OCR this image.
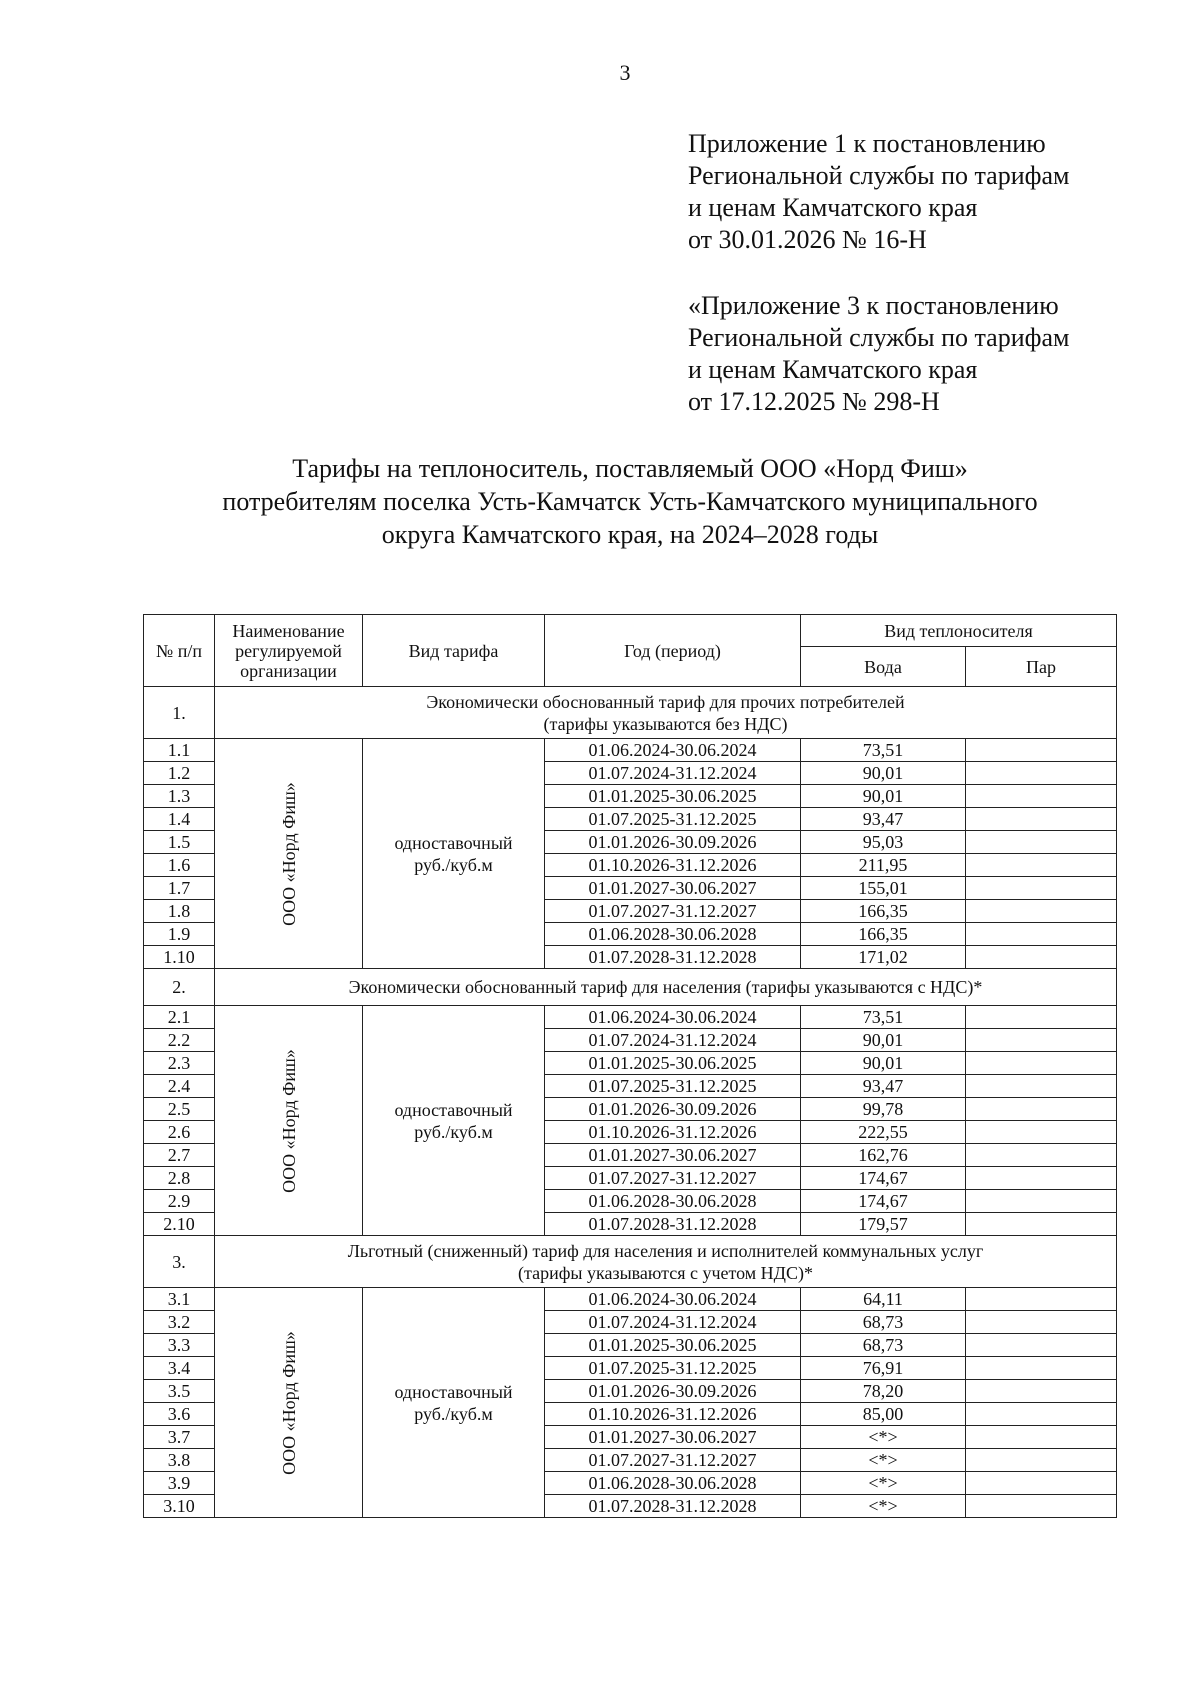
3
Приложение 1 к постановлению
Региональной службы по тарифам
и ценам Камчатского края
от 30.01.2026 № 16-Н
«Приложение 3 к постановлению
Региональной службы по тарифам
и ценам Камчатского края
от 17.12.2025 № 298-Н
Тарифы на теплоноситель, поставляемый ООО «Норд Фиш»
потребителям поселка Усть-Камчатск Усть-Камчатского муниципального
округа Камчатского края, на 2024–2028 годы
№ п/п	Наименование регулируемой организации	Вид тарифа	Год (период)	Вид теплоносителя	
				Вода	Пар
1.	Экономически обоснованный тариф для прочих потребителей
(тарифы указываются без НДС)				

1.1	ООО «Норд Фиш»	одноставочный
руб./куб.м	01.06.2024-30.06.2024	73,51	
1.2			01.07.2024-31.12.2024	90,01	
1.3			01.01.2025-30.06.2025	90,01	
1.4			01.07.2025-31.12.2025	93,47	
1.5			01.01.2026-30.09.2026	95,03	
1.6			01.10.2026-31.12.2026	211,95	
1.7			01.01.2027-30.06.2027	155,01	
1.8			01.07.2027-31.12.2027	166,35	
1.9			01.06.2028-30.06.2028	166,35	
1.10			01.07.2028-31.12.2028	171,02	
2.	Экономически обоснованный тариф для населения (тарифы указываются с НДС)*				

2.1	ООО «Норд Фиш»	одноставочный
руб./куб.м	01.06.2024-30.06.2024	73,51	
2.2			01.07.2024-31.12.2024	90,01	
2.3			01.01.2025-30.06.2025	90,01	
2.4			01.07.2025-31.12.2025	93,47	
2.5			01.01.2026-30.09.2026	99,78	
2.6			01.10.2026-31.12.2026	222,55	
2.7			01.01.2027-30.06.2027	162,76	
2.8			01.07.2027-31.12.2027	174,67	
2.9			01.06.2028-30.06.2028	174,67	
2.10			01.07.2028-31.12.2028	179,57	
3.	Льготный (сниженный) тариф для населения и исполнителей коммунальных услуг
(тарифы указываются с учетом НДС)*				

3.1	ООО «Норд Фиш»	одноставочный
руб./куб.м	01.06.2024-30.06.2024	64,11	
3.2			01.07.2024-31.12.2024	68,73	
3.3			01.01.2025-30.06.2025	68,73	
3.4			01.07.2025-31.12.2025	76,91	
3.5			01.01.2026-30.09.2026	78,20	
3.6			01.10.2026-31.12.2026	85,00	
3.7			01.01.2027-30.06.2027	<*>	
3.8			01.07.2027-31.12.2027	<*>	
3.9			01.06.2028-30.06.2028	<*>	
3.10			01.07.2028-31.12.2028	<*>	
